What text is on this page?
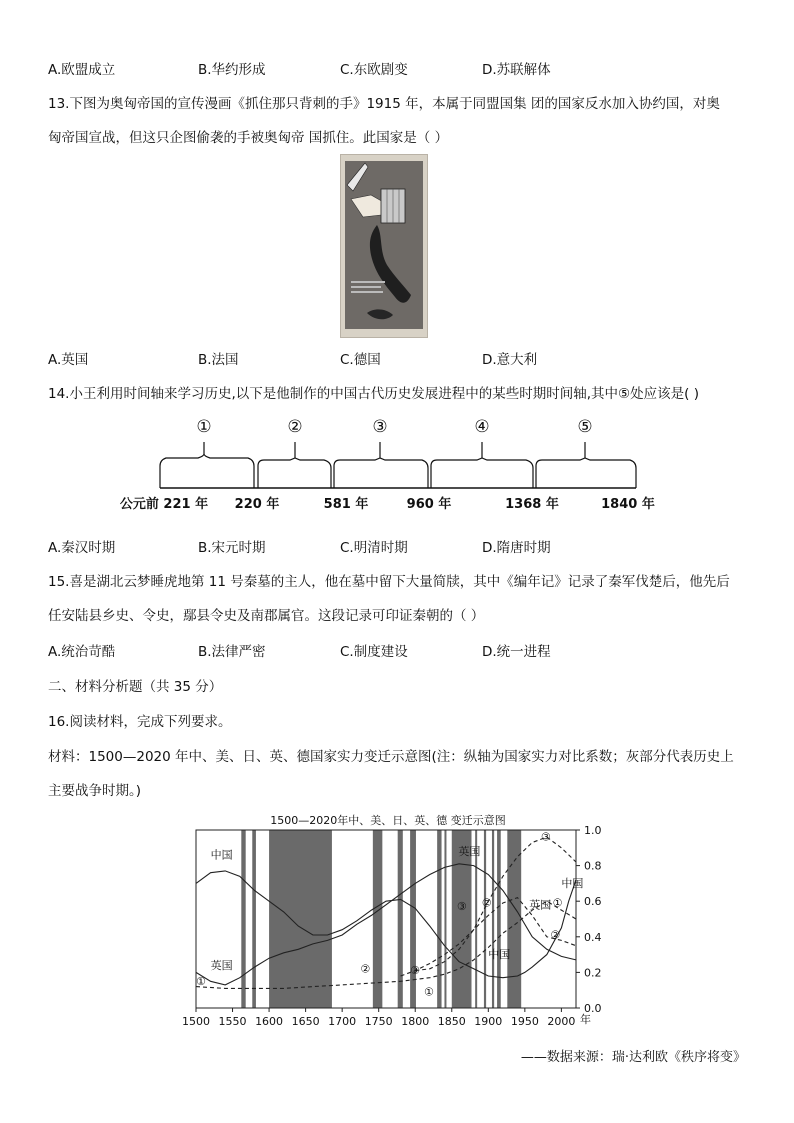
A.欧盟成立	B.华约形成	C.东欧剧变	D.苏联解体
13.下图为奥匈帝国的宣传漫画《抓住那只背刺的手》1915 年，本属于同盟国集 团的国家反水加入协约国，对奥
匈帝国宣战，但这只企图偷袭的手被奥匈帝 国抓住。此国家是（ ）
A.英国	B.法国	C.德国	D.意大利
14.小王利用时间轴来学习历史,以下是他制作的中国古代历史发展进程中的某些时期时间轴,其中⑤处应该是( )
①	②	③	④	⑤
公元前 221 年 220 年	581 年	960 年	1368 年	1840 年
A.秦汉时期	B.宋元时期	C.明清时期	D.隋唐时期
15.喜是湖北云梦睡虎地第 11 号秦墓的主人，他在墓中留下大量简牍，其中《编年记》记录了秦军伐楚后，他先后
任安陆县乡史、令史，鄢县令史及南郡属官。这段记录可印证秦朝的（ ）
A.统治苛酷	B.法律严密	C.制度建设	D.统一进程
二、材料分析题（共 35 分）
16.阅读材料，完成下列要求。
材料：1500—2020 年中、美、日、英、德国家实力变迁示意图(注：纵轴为国家实力对比系数；灰部分代表历史上
主要战争时期。)
1500—2020年中、美、日、英、德 变迁示意图
0.0
0.2
0.4
0.6
0.8
1.0
1500 1550 1600 1650 1700 1750 1800 1850 1900 1950 2000
中国
英国
①
②	③
①
英国
③ ②
中国
英国 ①
②
③
中国
年
——数据来源：瑞·达利欧《秩序将变》
